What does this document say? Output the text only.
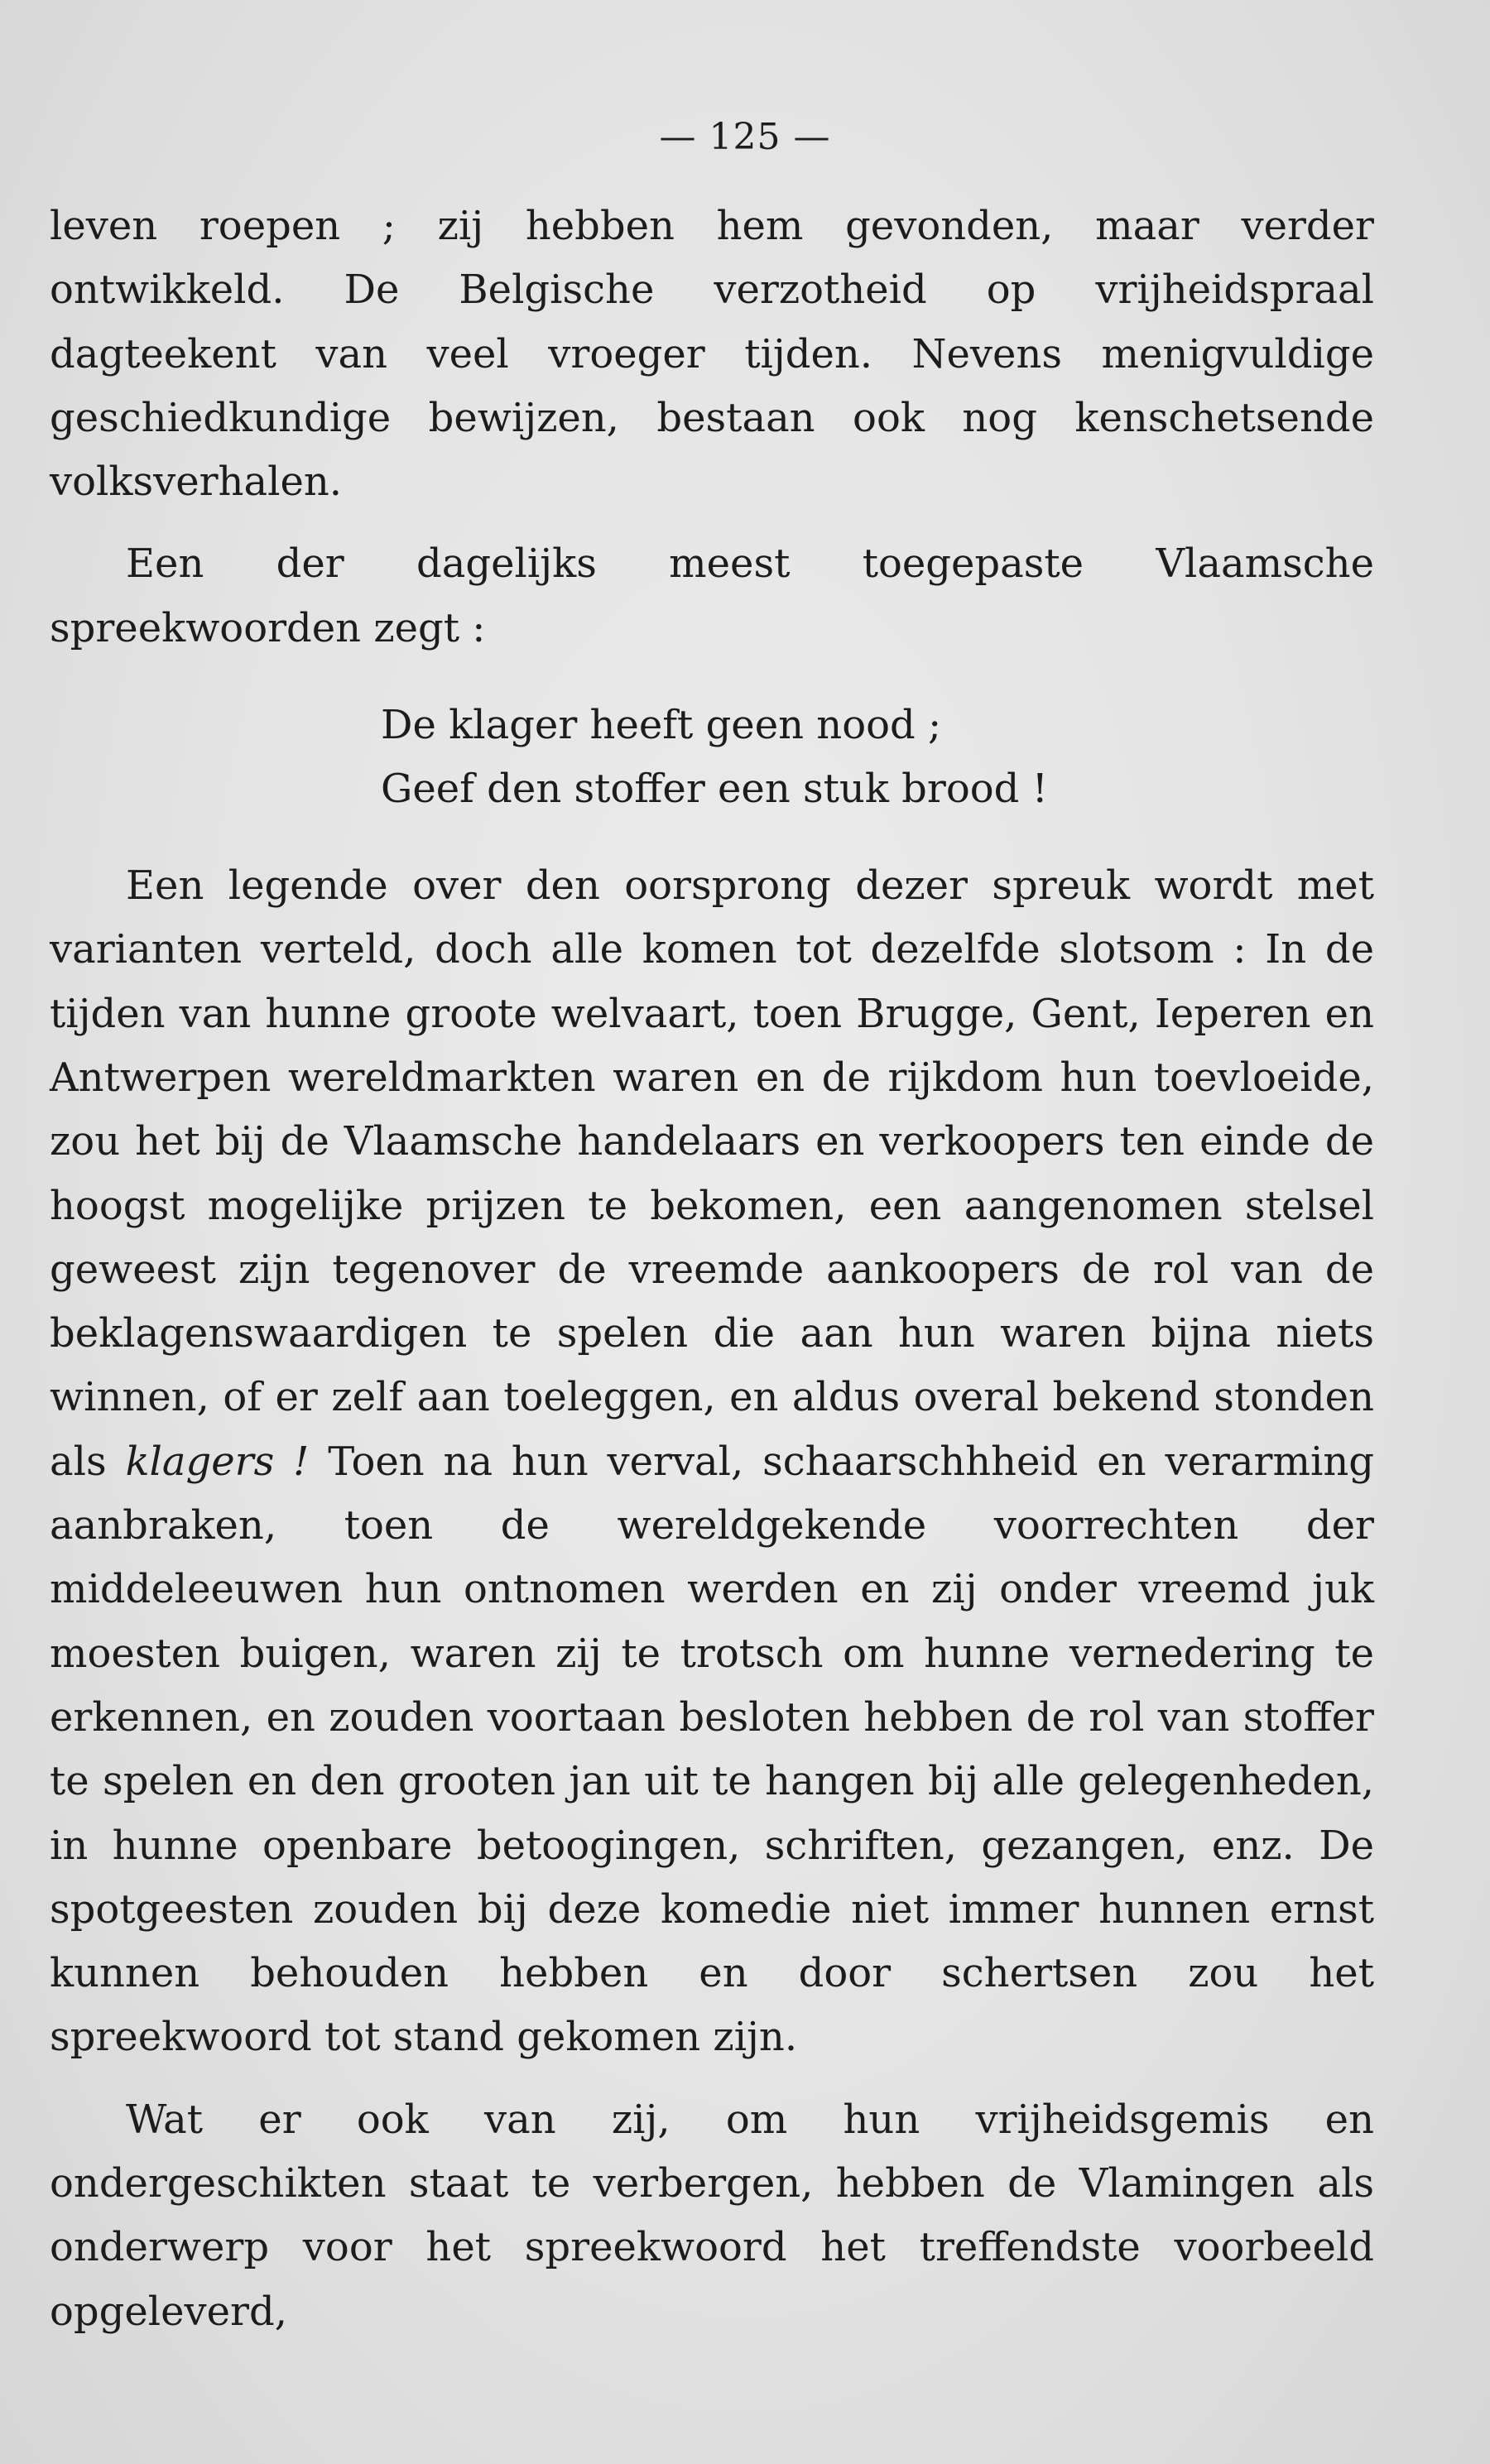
— 125 —

leven roepen ; zij hebben hem gevonden, maar verder ontwikkeld. De Belgische verzotheid op vrijheidspraal dagteekent van veel vroeger tijden. Nevens menigvuldige geschiedkundige bewijzen, bestaan ook nog kenschetsende volksverhalen.

Een der dagelijks meest toegepaste Vlaamsche spreekwoorden zegt :

De klager heeft geen nood ;
Geef den stoffer een stuk brood !

Een legende over den oorsprong dezer spreuk wordt met varianten verteld, doch alle komen tot dezelfde slotsom : In de tijden van hunne groote welvaart, toen Brugge, Gent, Ieperen en Antwerpen wereldmarkten waren en de rijkdom hun toevloeide, zou het bij de Vlaamsche handelaars en verkoopers ten einde de hoogst mogelijke prijzen te bekomen, een aangenomen stelsel geweest zijn tegenover de vreemde aankoopers de rol van de beklagenswaardigen te spelen die aan hun waren bijna niets winnen, of er zelf aan toeleggen, en aldus overal bekend stonden als klagers ! Toen na hun verval, schaarschhheid en verarming aanbraken, toen de wereldgekende voorrechten der middeleeuwen hun ontnomen werden en zij onder vreemd juk moesten buigen, waren zij te trotsch om hunne vernedering te erkennen, en zouden voortaan besloten hebben de rol van stoffer te spelen en den grooten jan uit te hangen bij alle gelegenheden, in hunne openbare betoogingen, schriften, gezangen, enz. De spotgeesten zouden bij deze komedie niet immer hunnen ernst kunnen behouden hebben en door schertsen zou het spreekwoord tot stand gekomen zijn.

Wat er ook van zij, om hun vrijheidsgemis en ondergeschikten staat te verbergen, hebben de Vlamingen als onderwerp voor het spreekwoord het treffendste voorbeeld opgeleverd,
